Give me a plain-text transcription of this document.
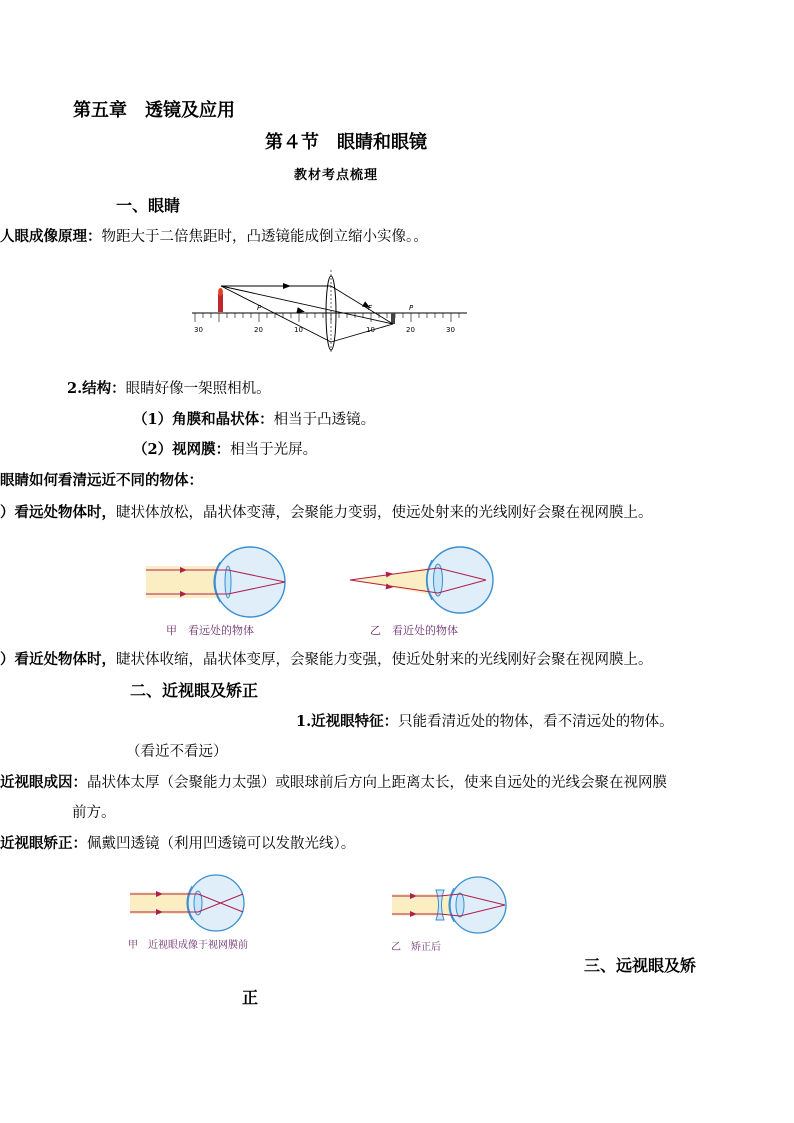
第五章　透镜及应用
第４节　眼睛和眼镜
教材考点梳理
一、眼睛
人眼成像原理：物距大于二倍焦距时，凸透镜能成倒立缩小实像。。
30	20	10	10	20	30
F	P
P
2.结构：眼睛好像一架照相机。
（1）角膜和晶状体：相当于凸透镜。
（2）视网膜：相当于光屏。
眼睛如何看清远近不同的物体：
）看远处物体时，睫状体放松，晶状体变薄，会聚能力变弱，使远处射来的光线刚好会聚在视网膜上。
甲　看远处的物体	乙　看近处的物体
）看近处物体时，睫状体收缩，晶状体变厚，会聚能力变强，使近处射来的光线刚好会聚在视网膜上。
二、近视眼及矫正
1.近视眼特征：只能看清近处的物体，看不清远处的物体。
（看近不看远）
近视眼成因：晶状体太厚（会聚能力太强）或眼球前后方向上距离太长，使来自远处的光线会聚在视网膜
前方。
近视眼矫正：佩戴凹透镜（利用凹透镜可以发散光线）。
甲　近视眼成像于视网膜前	乙　矫正后
三、远视眼及矫
正
